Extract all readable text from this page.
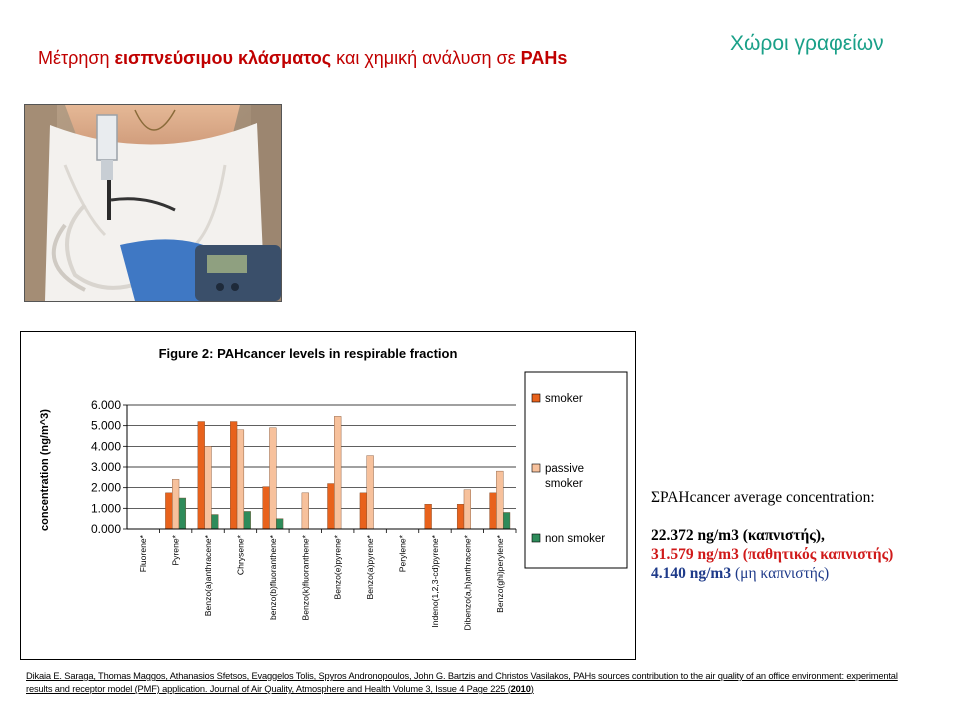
Μέτρηση εισπνεύσιμου κλάσματος και χημική ανάλυση σε PAHs
Χώροι γραφείων
Figure 2: PAHcancer levels in respirable fraction
concentration (ng/m^3)	0.000
1.000
2.000
3.000
4.000
5.000
6.000
Fluorene*	Pyrene*	Benzo(a)anthracene*	Chrysene*	benzo(b)fluoranthene*	Benzo(k)fluoranthene*	Benzo(e)pyrene*	Benzo(a)pyrene*	Perylene*	Indeno(1,2,3-cd)pyrene*	Dibenzo(a,h)anthracene*	Benzo(ghi)perylene*
smoker
passive smoker
non smoker
ΣPAHcancer average concentration:
22.372 ng/m3 (καπνιστής),
31.579 ng/m3 (παθητικός καπνιστής)
4.140 ng/m3 (μη καπνιστής)
Dikaia E. Saraga, Thomas Maggos, Athanasios Sfetsos, Evaggelos Tolis, Spyros Andronopoulos, John G. Bartzis and Christos Vasilakos, PAHs sources contribution to the air quality of an office environment: experimental results and receptor model (PMF) application. Journal of Air Quality, Atmosphere and Health Volume 3, Issue 4 Page 225 (2010)
